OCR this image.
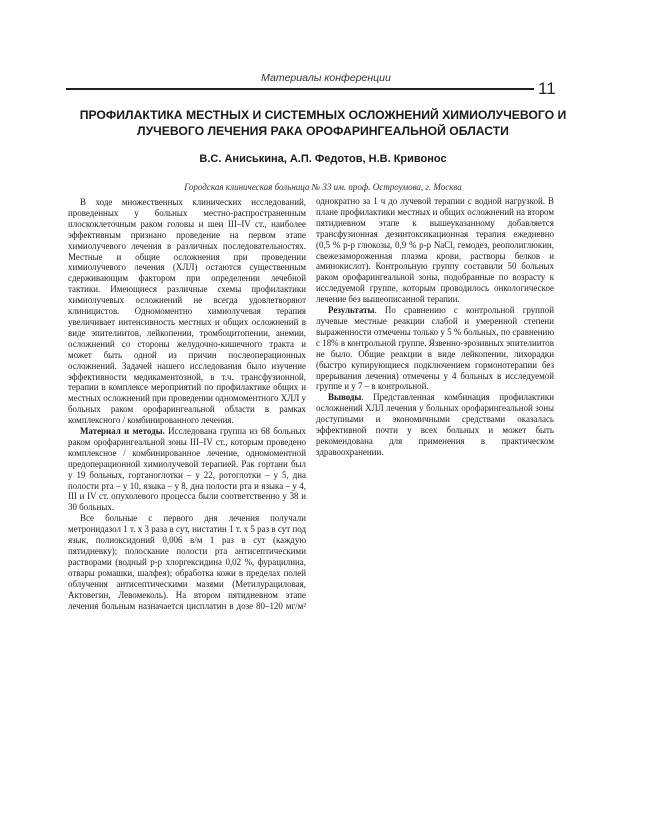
Материалы конференции
11
ПРОФИЛАКТИКА МЕСТНЫХ И СИСТЕМНЫХ ОСЛОЖНЕНИЙ ХИМИОЛУЧЕВОГО И
ЛУЧЕВОГО ЛЕЧЕНИЯ РАКА ОРОФАРИНГЕАЛЬНОЙ ОБЛАСТИ
В.С. Аниськина, А.П. Федотов, Н.В. Кривонос
Городская клиническая больница № 33 им. проф. Остроумова, г. Москва

В ходе множественных клинических исследований, проведенных у больных местно-распространенным плоскоклеточным раком головы и шеи III–IV ст., наиболее эффективным признано проведение на первом этапе химиолучевого лечения в различных последовательностях. Местные и общие осложнения при проведении химиолучевого лечения (ХЛЛ) остаются существенным сдерживающим фактором при определении лечебной тактики. Имеющиеся различные схемы профилактики химиолучевых осложнений не всегда удовлетворяют клиницистов. Одномоментно химиолучевая терапия увеличивает интенсивность местных и общих осложнений в виде эпителиитов, лейкопении, тромбоцитопении, анемии, осложнений со стороны желудочно-кишечного тракта и может быть одной из причин послеоперационных осложнений. Задачей нашего исследования было изучение эффективности медикаментозной, в т.ч. трансфузионной, терапии в комплексе мероприятий по профилактике общих и местных осложнений при проведении одномоментного ХЛЛ у больных раком орофарингеальной области в рамках комплексного / комбинированного лечения.

Материал и методы. Исследована группа из 68 больных раком орофарингеальной зоны III–IV ст., которым проведено комплексное / комбинированное лечение, одномоментной предоперационной химиолучевой терапией. Рак гортани был у 19 больных, гортаноглотки – у 22, ротоглотки – у 5, дна полости рта – у 10, языка – у 8, дна полости рта и языка – у 4, III и IV ст. опухолевого процесса были соответственно у 38 и 30 больных.

Все больные с первого дня лечения получали метронидазол 1 т. х 3 раза в сут, нистатин 1 т. х 5 раз в сут под язык, полиоксидоний 0,006 в/м 1 раз в сут (каждую пятидневку); полоскание полости рта антисептическими растворами (водный р-р хлоргексидина 0,02 %, фурацилина, отвары ромашки, шалфея); обработка кожи в пределах полей облучения антисептическими мазями (Метилурациловая, Актовегин, Левомеколь). На втором пятидневном этапе лечения больным назначается цисплатин в дозе 80–120 мг/м²

однократно за 1 ч до лучевой терапии с водной нагрузкой. В плане профилактики местных и общих осложнений на втором пятидневном этапе к вышеуказанному добавляется трансфузионная дезинтоксикационная терапия ежедневно (0,5 % р-р глюкозы, 0,9 % р-р NaCl, гемодез, реополиглюкин, свежезамороженная плазма крови, растворы белков и аминокислот). Контрольную группу составили 50 больных раком орофарингеальной зоны, подобранные по возрасту к исследуемой группе, которым проводилось онкологическое лечение без вышеописанной терапии.

Результаты. По сравнению с контрольной группой лучевые местные реакции слабой и умеренной степени выраженности отмечены только у 5 % больных, по сравнению с 18% в контрольной группе. Язвенно-эрозивных эпителиитов не было. Общие реакции в виде лейкопении, лихорадки (быстро купирующиеся подключением гормонотерапии без прерывания лечения) отмечены у 4 больных в исследуемой группе и у 7 – в контрольной.

Выводы. Представленная комбинация профилактики осложнений ХЛЛ лечения у больных орофарингеальной зоны доступными и экономичными средствами оказалась эффективной почти у всех больных и может быть рекомендована для применения в практическом здравоохранении.
